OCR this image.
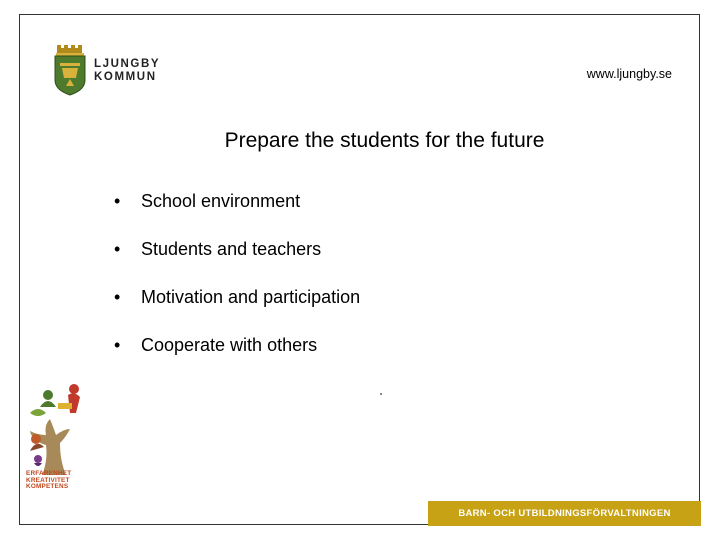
LJUNGBY
KOMMUN	www.ljungby.se
Prepare the students for the future
• School environment
• Students and teachers
• Motivation and participation
• Cooperate with others
ERFARENHET
KREATIVITET
KOMPETENS
BARN- OCH UTBILDNINGSFÖRVALTNINGEN
